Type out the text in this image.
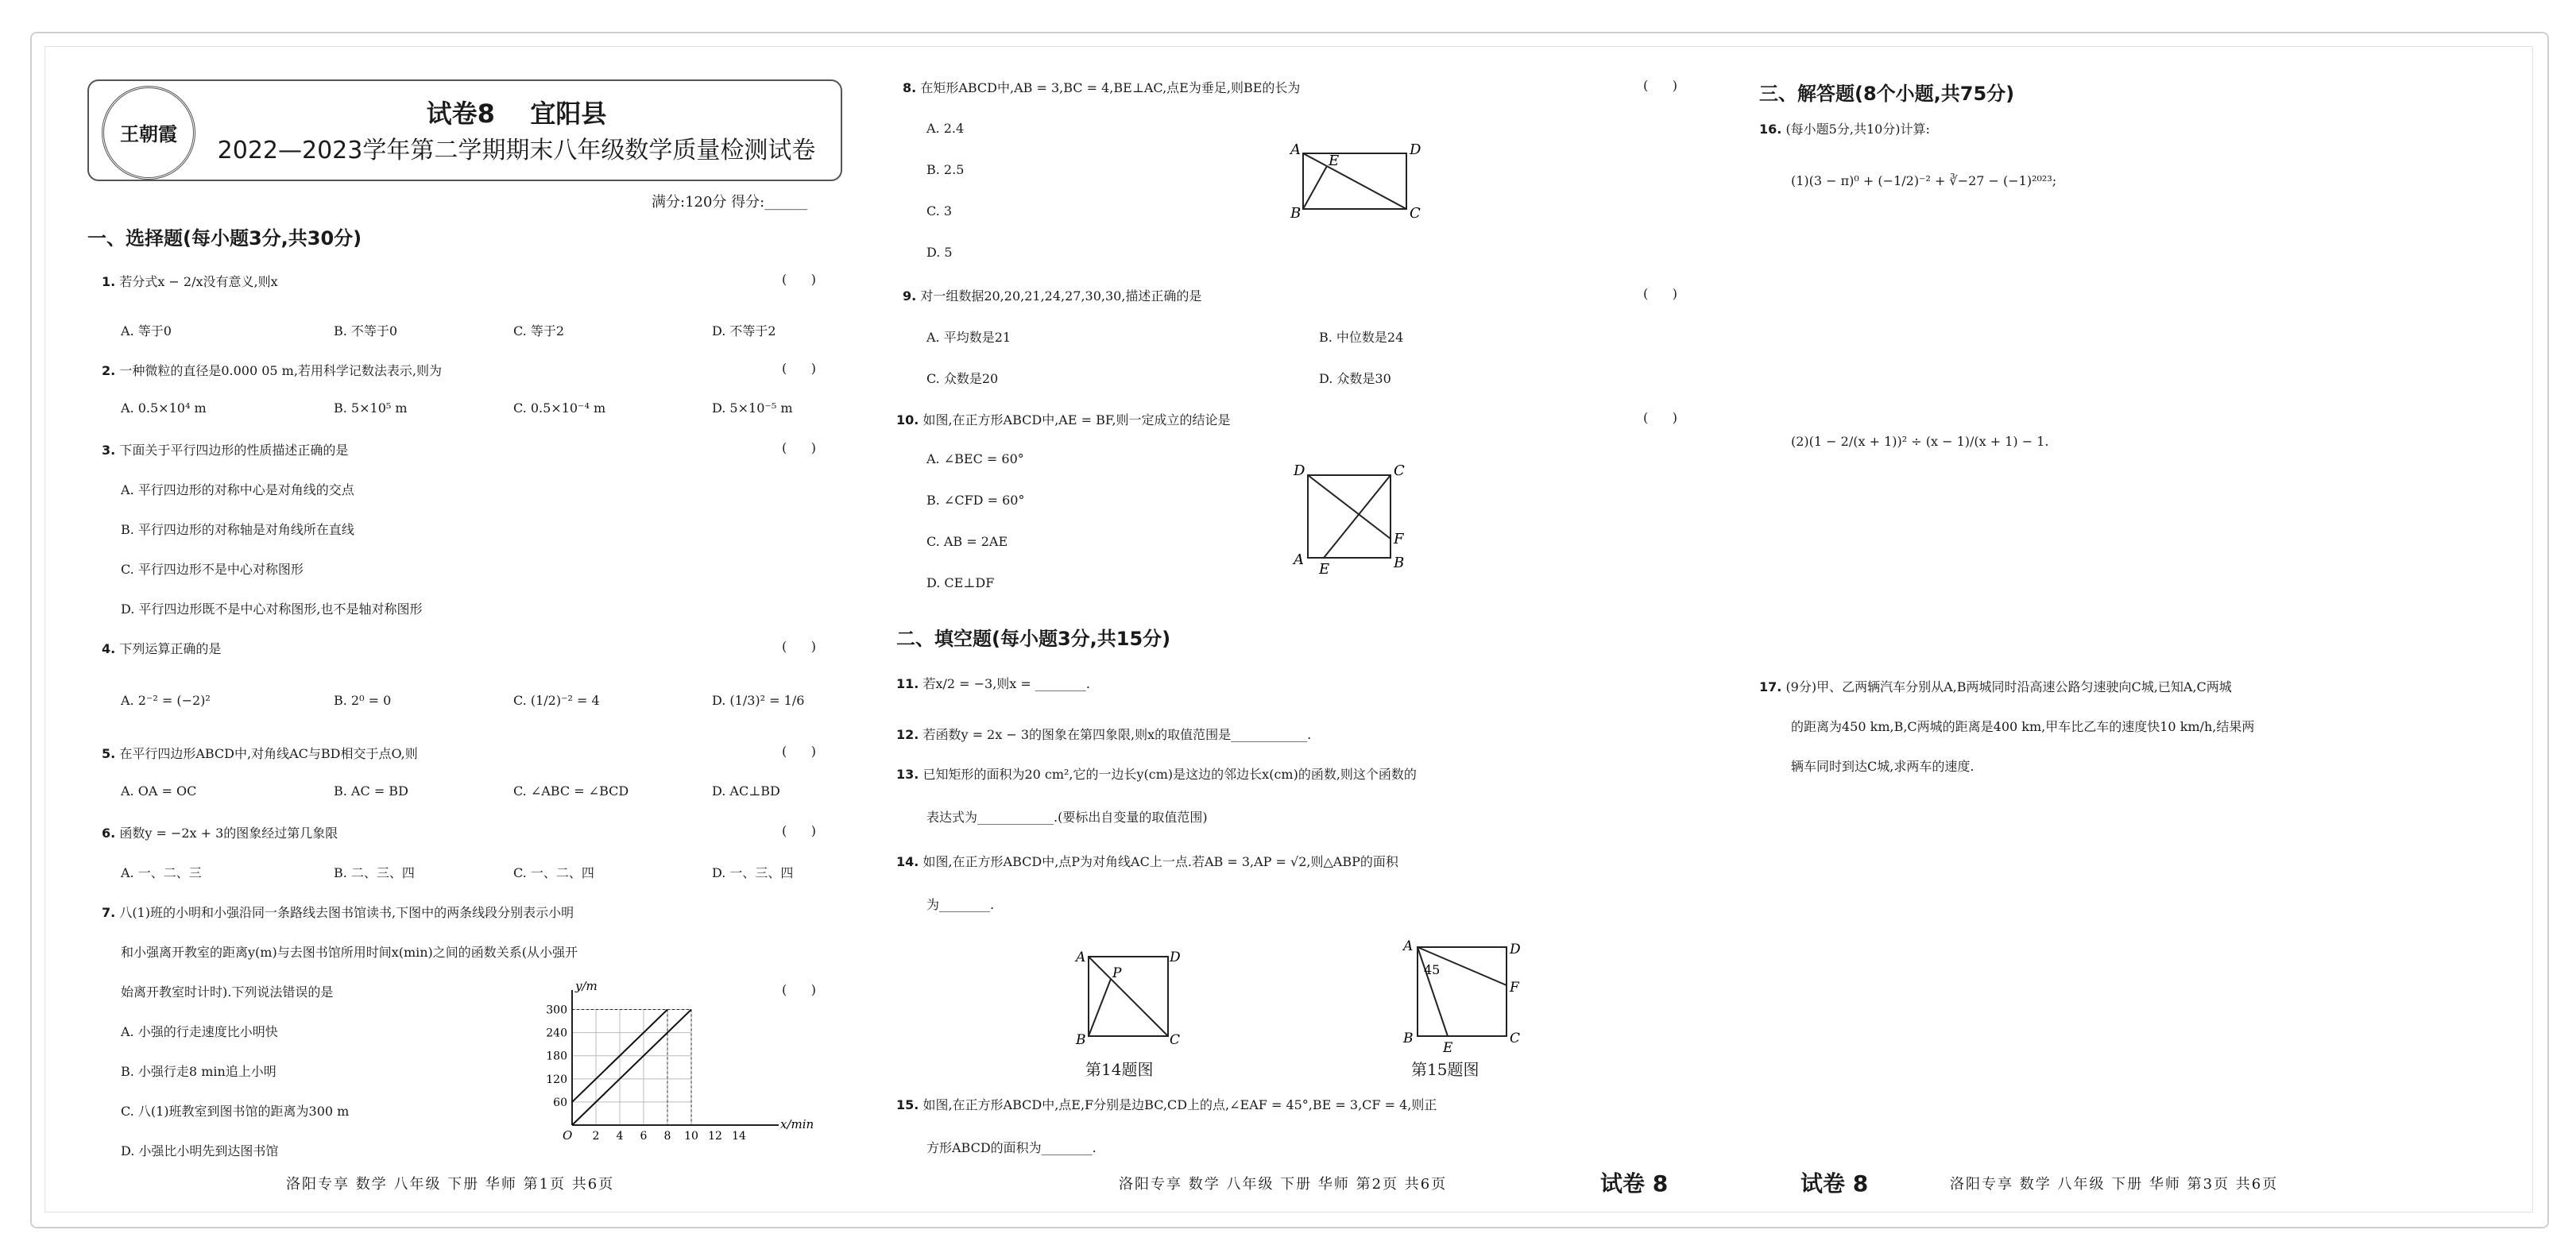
王朝霞
试卷8    宜阳县
2022—2023学年第二学期期末八年级数学质量检测试卷
满分:120分 得分:______
一、选择题(每小题3分,共30分)
1. 若分式x − 2/x没有意义,则x	(      )
A. 等于0	B. 不等于0	C. 等于2	D. 不等于2
2. 一种微粒的直径是0.000 05 m,若用科学记数法表示,则为	(      )
A. 0.5×10⁴ m	B. 5×10⁵ m	C. 0.5×10⁻⁴ m	D. 5×10⁻⁵ m
3. 下面关于平行四边形的性质描述正确的是	(      )
A. 平行四边形的对称中心是对角线的交点
B. 平行四边形的对称轴是对角线所在直线
C. 平行四边形不是中心对称图形
D. 平行四边形既不是中心对称图形,也不是轴对称图形
4. 下列运算正确的是	(      )
A. 2⁻² = (−2)²	B. 2⁰ = 0	C. (1/2)⁻² = 4	D. (1/3)² = 1/6
5. 在平行四边形ABCD中,对角线AC与BD相交于点O,则	(      )
A. OA = OC	B. AC = BD	C. ∠ABC = ∠BCD	D. AC⊥BD
6. 函数y = −2x + 3的图象经过第几象限	(      )
A. 一、二、三	B. 二、三、四	C. 一、二、四	D. 一、三、四
7. 八(1)班的小明和小强沿同一条路线去图书馆读书,下图中的两条线段分别表示小明
和小强离开教室的距离y(m)与去图书馆所用时间x(min)之间的函数关系(从小强开
始离开教室时计时).下列说法错误的是	(      )
A. 小强的行走速度比小明快
B. 小强行走8 min追上小明
C. 八(1)班教室到图书馆的距离为300 m
D. 小强比小明先到达图书馆
2 4 6 8 10 12 14
60
120
180
240
300
O
x/min
y/m
洛阳专享 数学 八年级 下册 华师 第1页 共6页
8. 在矩形ABCD中,AB = 3,BC = 4,BE⊥AC,点E为垂足,则BE的长为	(      )
A. 2.4
B. 2.5
C. 3
D. 5
A	D
B	C
E
9. 对一组数据20,20,21,24,27,30,30,描述正确的是	(      )
A. 平均数是21	B. 中位数是24
C. 众数是20	D. 众数是30
10. 如图,在正方形ABCD中,AE = BF,则一定成立的结论是	(      )
A. ∠BEC = 60°
B. ∠CFD = 60°
C. AB = 2AE
D. CE⊥DF
D	C
A	B
E
F
二、填空题(每小题3分,共15分)
11. 若x/2 = −3,则x = ________.
12. 若函数y = 2x − 3的图象在第四象限,则x的取值范围是____________.
13. 已知矩形的面积为20 cm²,它的一边长y(cm)是这边的邻边长x(cm)的函数,则这个函数的
表达式为____________.(要标出自变量的取值范围)
14. 如图,在正方形ABCD中,点P为对角线AC上一点.若AB = 3,AP = √2,则△ABP的面积
为________.
A	D
B	C
P
第14题图
A	D
B	C
E
F
45
第15题图
15. 如图,在正方形ABCD中,点E,F分别是边BC,CD上的点,∠EAF = 45°,BE = 3,CF = 4,则正
方形ABCD的面积为________.
洛阳专享 数学 八年级 下册 华师 第2页 共6页	试卷 8
三、解答题(8个小题,共75分)
16. (每小题5分,共10分)计算:
(1)(3 − π)⁰ + (−1/2)⁻² + ∛−27 − (−1)²⁰²³;
(2)(1 − 2/(x + 1))² ÷ (x − 1)/(x + 1) − 1.
17. (9分)甲、乙两辆汽车分别从A,B两城同时沿高速公路匀速驶向C城,已知A,C两城
的距离为450 km,B,C两城的距离是400 km,甲车比乙车的速度快10 km/h,结果两
辆车同时到达C城,求两车的速度.
试卷 8	洛阳专享 数学 八年级 下册 华师 第3页 共6页
